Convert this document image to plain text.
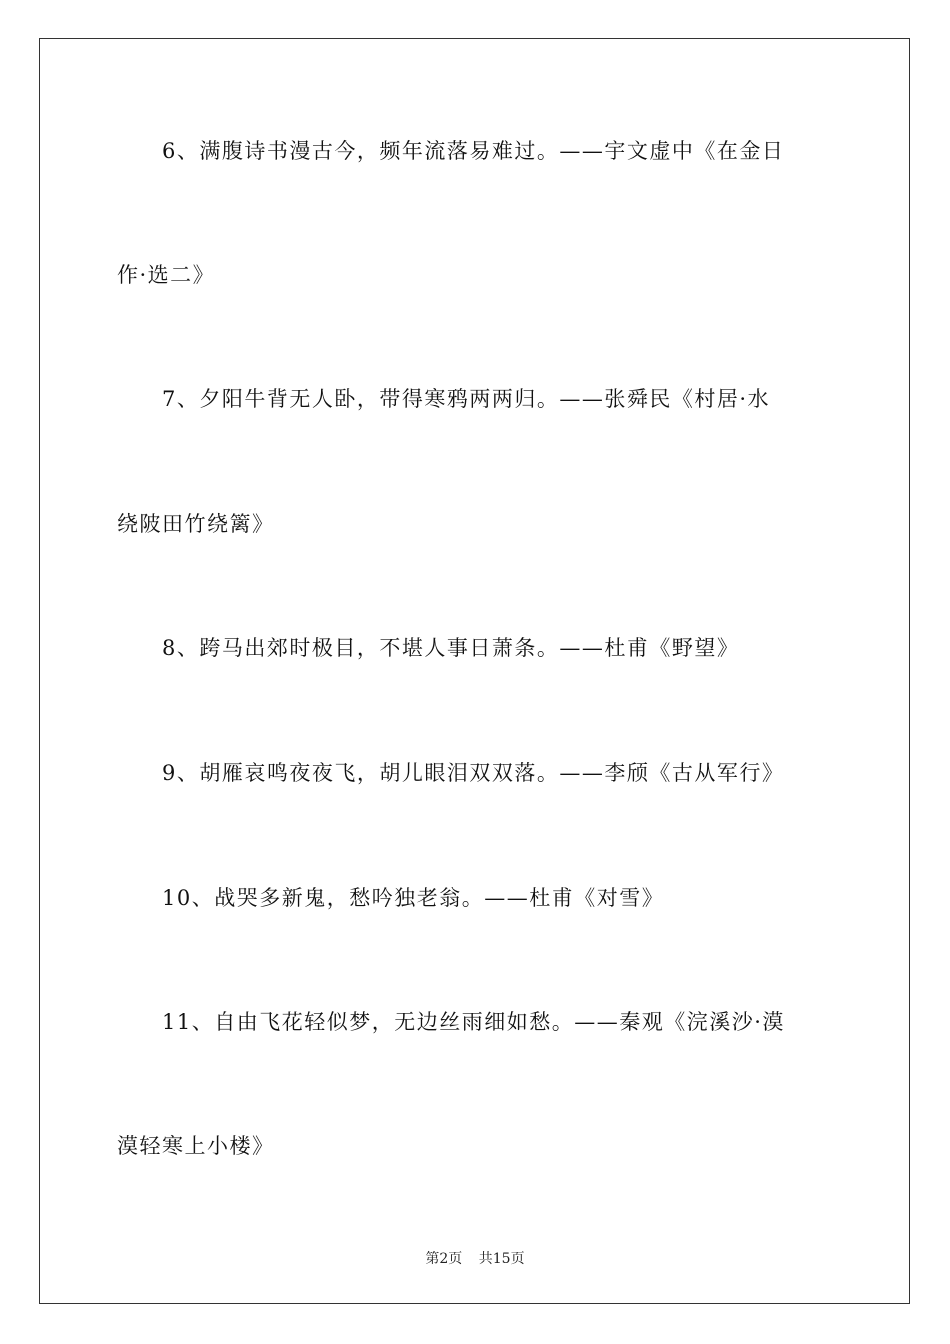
6、满腹诗书漫古今，频年流落易难过。——宇文虚中《在金日
作·选二》
7、夕阳牛背无人卧，带得寒鸦两两归。——张舜民《村居·水
绕陂田竹绕篱》
8、跨马出郊时极目，不堪人事日萧条。——杜甫《野望》
9、胡雁哀鸣夜夜飞，胡儿眼泪双双落。——李颀《古从军行》
10、战哭多新鬼，愁吟独老翁。——杜甫《对雪》
11、自由飞花轻似梦，无边丝雨细如愁。——秦观《浣溪沙·漠
漠轻寒上小楼》
第2页 共15页
